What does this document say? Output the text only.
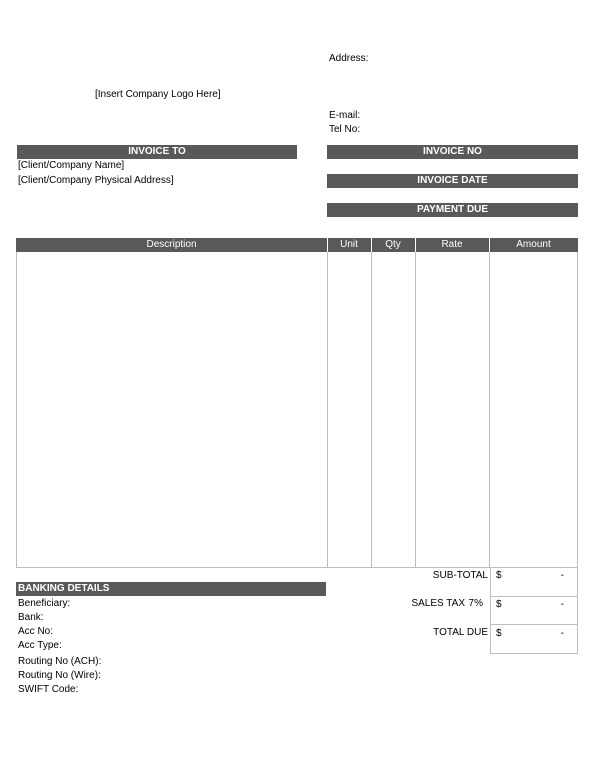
[Insert Company Logo Here]
Address:
E-mail:
Tel No:
INVOICE TO
[Client/Company Name]
[Client/Company Physical Address]
INVOICE NO
INVOICE DATE
PAYMENT DUE
Description	Unit	Qty	Rate	Amount
SUB-TOTAL $	-
SALES TAX 7% $	-
TOTAL DUE $	-
BANKING DETAILS
Beneficiary:
Bank:
Acc No:
Acc Type:
Routing No (ACH):
Routing No (Wire):
SWIFT Code:
